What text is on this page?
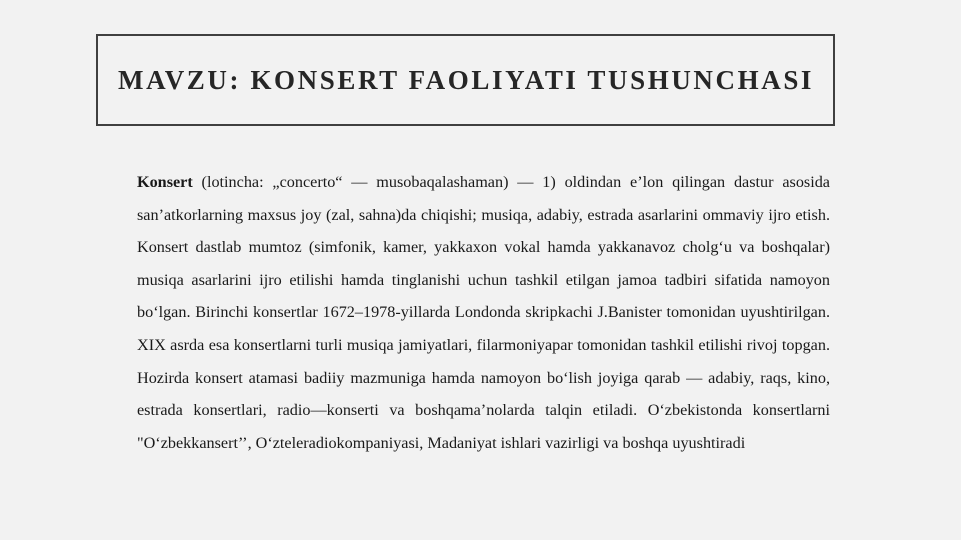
MAVZU: KONSERT FAOLIYATI TUSHUNCHASI
Konsert (lotincha: „concerto“ — musobaqalashaman) — 1) oldindan e’lon qilingan dastur asosida san’atkorlarning maxsus joy (zal, sahna)da chiqishi; musiqa, adabiy, estrada asarlarini ommaviy ijro etish. Konsert dastlab mumtoz (simfonik, kamer, yakkaxon vokal hamda yakkanavoz cholg‘u va boshqalar) musiqa asarlarini ijro etilishi hamda tinglanishi uchun tashkil etilgan jamoa tadbiri sifatida namoyon bo‘lgan. Birinchi konsertlar 1672–1978-yillarda Londonda skripkachi J.Banister tomonidan uyushtirilgan. XIX asrda esa konsertlarni turli musiqa jamiyatlari, filarmoniyapar tomonidan tashkil etilishi rivoj topgan. Hozirda konsert atamasi badiiy mazmuniga hamda namoyon bo‘lish joyiga qarab — adabiy, raqs, kino, estrada konsertlari, radio—konserti va boshqama’nolarda talqin etiladi. O‘zbekistonda konsertlarni "O‘zbekkansert’’, O‘zteleradiokompaniyasi, Madaniyat ishlari vazirligi va boshqa uyushtiradi
